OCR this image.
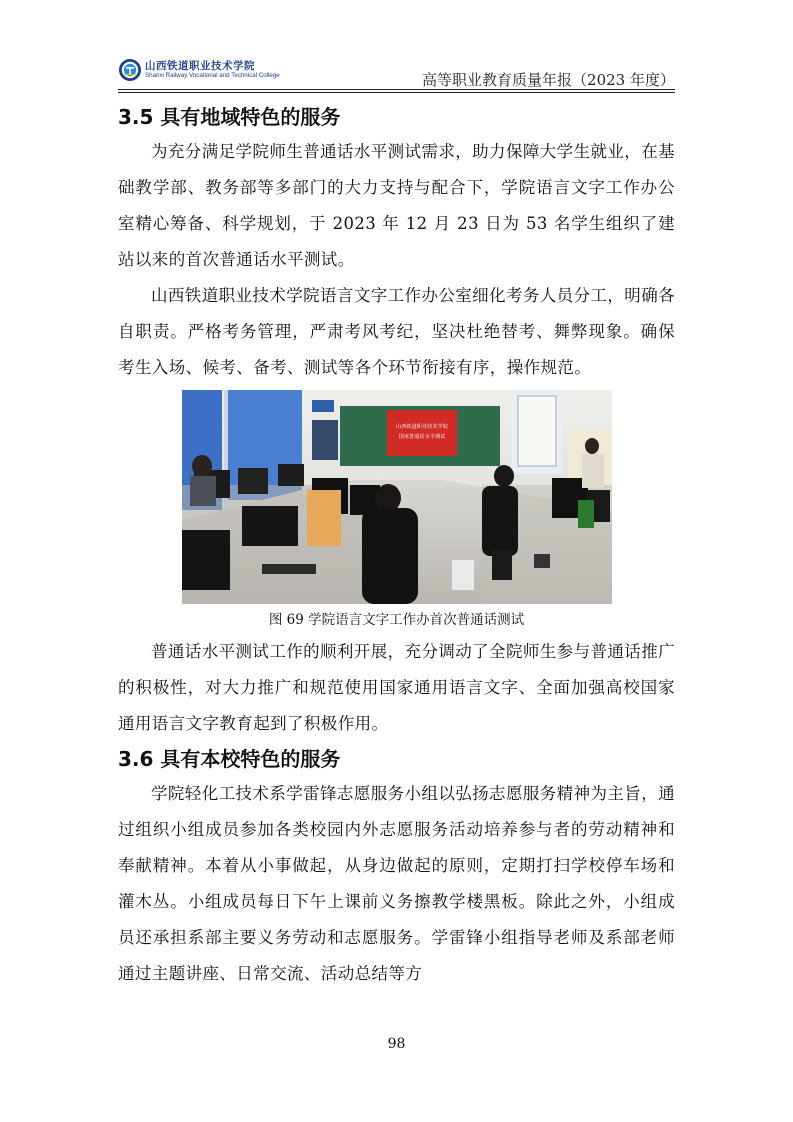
山西铁道职业技术学院
Shanxi Railway Vocational and Technical College	高等职业教育质量年报（2023 年度）
3.5 具有地域特色的服务

为充分满足学院师生普通话水平测试需求，助力保障大学生就业，在基础教学部、教务部等多部门的大力支持与配合下，学院语言文字工作办公室精心筹备、科学规划，于 2023 年 12 月 23 日为 53 名学生组织了建站以来的首次普通话水平测试。

山西铁道职业技术学院语言文字工作办公室细化考务人员分工，明确各自职责。严格考务管理，严肃考风考纪，坚决杜绝替考、舞弊现象。确保考生入场、候考、备考、测试等各个环节衔接有序，操作规范。

山西铁道职业技术学院
国家普通话水平测试
图 69 学院语言文字工作办首次普通话测试

普通话水平测试工作的顺利开展，充分调动了全院师生参与普通话推广的积极性，对大力推广和规范使用国家通用语言文字、全面加强高校国家通用语言文字教育起到了积极作用。

3.6 具有本校特色的服务

学院轻化工技术系学雷锋志愿服务小组以弘扬志愿服务精神为主旨，通过组织小组成员参加各类校园内外志愿服务活动培养参与者的劳动精神和奉献精神。本着从小事做起，从身边做起的原则，定期打扫学校停车场和灌木丛。小组成员每日下午上课前义务擦教学楼黑板。除此之外，小组成员还承担系部主要义务劳动和志愿服务。学雷锋小组指导老师及系部老师通过主题讲座、日常交流、活动总结等方

98
